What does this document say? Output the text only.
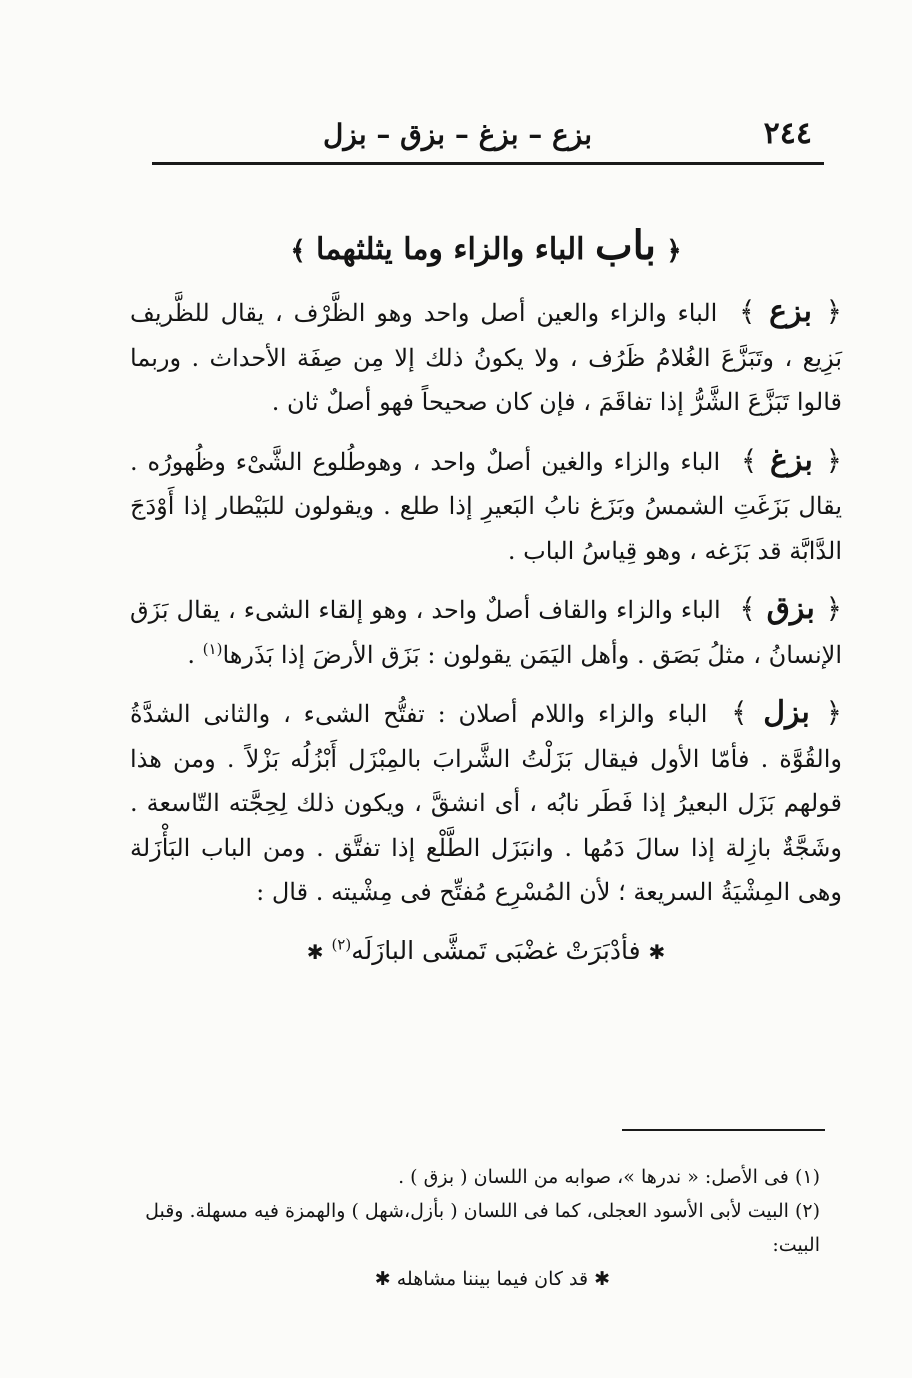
٢٤٤
بزع – بزغ – بزق – بزل
﴿ باب الباء والزاء وما يثلثهما ﴾

﴿ بزع ﴾ الباء والزاء والعين أصل واحد وهو الظَّرْف ، يقال للظَّريف بَزِيع ، وتَبَزَّعَ الغُلامُ ظَرُف ، ولا يكونُ ذلك إلا مِن صِفَة الأحداث . وربما قالوا تَبَزَّعَ الشَّرُّ إذا تفاقَمَ ، فإن كان صحيحاً فهو أصلٌ ثان .

﴿ بزغ ﴾ الباء والزاء والغين أصلٌ واحد ، وهوطُلوع الشَّىْء وظُهورُه . يقال بَزَغَتِ الشمسُ وبَزَغ نابُ البَعيرِ إذا طلع . ويقولون للبَيْطار إذا أَوْدَجَ الدَّابَّة قد بَزَغه ، وهو قِياسُ الباب .

﴿ بزق ﴾ الباء والزاء والقاف أصلٌ واحد ، وهو إلقاء الشىء ، يقال بَزَق الإنسانُ ، مثلُ بَصَق . وأهل اليَمَن يقولون : بَزَق الأرضَ إذا بَذَرها$^{(١)}$ .

﴿ بزل ﴾ الباء والزاء واللام أصلان : تفتُّح الشىء ، والثانى الشدَّةُ والقُوَّة . فأمّا الأول فيقال بَزَلْتُ الشَّرابَ بالمِبْزَل أَبْزُلُه بَزْلاً . ومن هذا قولهم بَزَل البعيرُ إذا فَطَر نابُه ، أى انشقَّ ، ويكون ذلك لِحِجَّته التّاسعة . وشَجَّةٌ بازِلة إذا سالَ دَمُها . وانبَزَل الطَّلْع إذا تفتَّق . ومن الباب البَأْزَلة وهى المِشْيَةُ السريعة ؛ لأن المُسْرِع مُفتِّح فى مِشْيته . قال :

✱ فأدْبَرَتْ غضْبَى تَمشَّى البازَلَه$^{(٢)}$ ✱

(١) فى الأصل: « ندرها »، صوابه من اللسان ( بزق ) .

(٢) البيت لأبى الأسود العجلى، كما فى اللسان ( بأزل،شهل ) والهمزة فيه مسهلة. وقبل البيت:

✱ قد كان فيما بيننا مشاهله ✱
